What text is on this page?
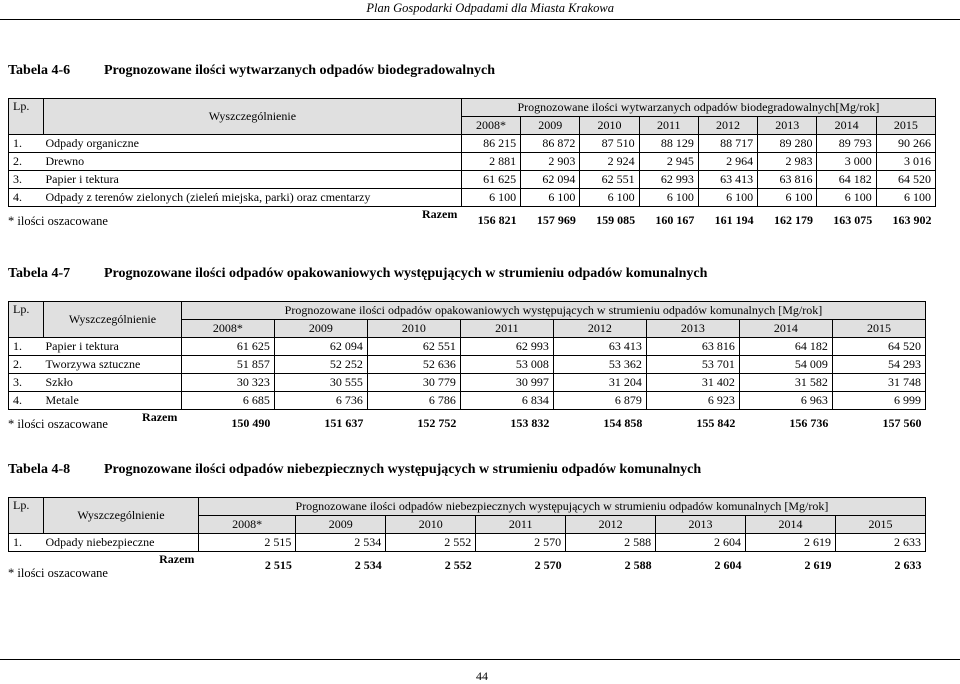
Plan Gospodarki Odpadami dla Miasta Krakowa
Tabela 4-6	Prognozowane ilości wytwarzanych odpadów biodegradowalnych
Lp.	Wyszczególnienie	Prognozowane ilości wytwarzanych odpadów biodegradowalnych[Mg/rok]							
		2008*	2009	2010	2011	2012	2013	2014	2015
1.	Odpady organiczne	86 215	86 872	87 510	88 129	88 717	89 280	89 793	90 266
2.	Drewno	2 881	2 903	2 924	2 945	2 964	2 983	3 000	3 016
3.	Papier i tektura	61 625	62 094	62 551	62 993	63 413	63 816	64 182	64 520
4.	Odpady z terenów zielonych (zieleń miejska, parki) oraz cmentarzy	6 100	6 100	6 100	6 100	6 100	6 100	6 100	6 100
Razem		156 821	157 969	159 085	160 167	161 194	162 179	163 075	163 902
* ilości oszacowane
Tabela 4-7	Prognozowane ilości odpadów opakowaniowych występujących w strumieniu odpadów komunalnych
Lp.	Wyszczególnienie	Prognozowane ilości odpadów opakowaniowych występujących w strumieniu odpadów komunalnych [Mg/rok]							
		2008*	2009	2010	2011	2012	2013	2014	2015
1.	Papier i tektura	61 625	62 094	62 551	62 993	63 413	63 816	64 182	64 520
2.	Tworzywa sztuczne	51 857	52 252	52 636	53 008	53 362	53 701	54 009	54 293
3.	Szkło	30 323	30 555	30 779	30 997	31 204	31 402	31 582	31 748
4.	Metale	6 685	6 736	6 786	6 834	6 879	6 923	6 963	6 999
Razem		150 490	151 637	152 752	153 832	154 858	155 842	156 736	157 560
* ilości oszacowane
Tabela 4-8	Prognozowane ilości odpadów niebezpiecznych występujących w strumieniu odpadów komunalnych
Lp.	Wyszczególnienie	Prognozowane ilości odpadów niebezpiecznych występujących w strumieniu odpadów komunalnych [Mg/rok]							
		2008*	2009	2010	2011	2012	2013	2014	2015
1.	Odpady niebezpieczne	2 515	2 534	2 552	2 570	2 588	2 604	2 619	2 633
Razem		2 515	2 534	2 552	2 570	2 588	2 604	2 619	2 633
* ilości oszacowane
44
